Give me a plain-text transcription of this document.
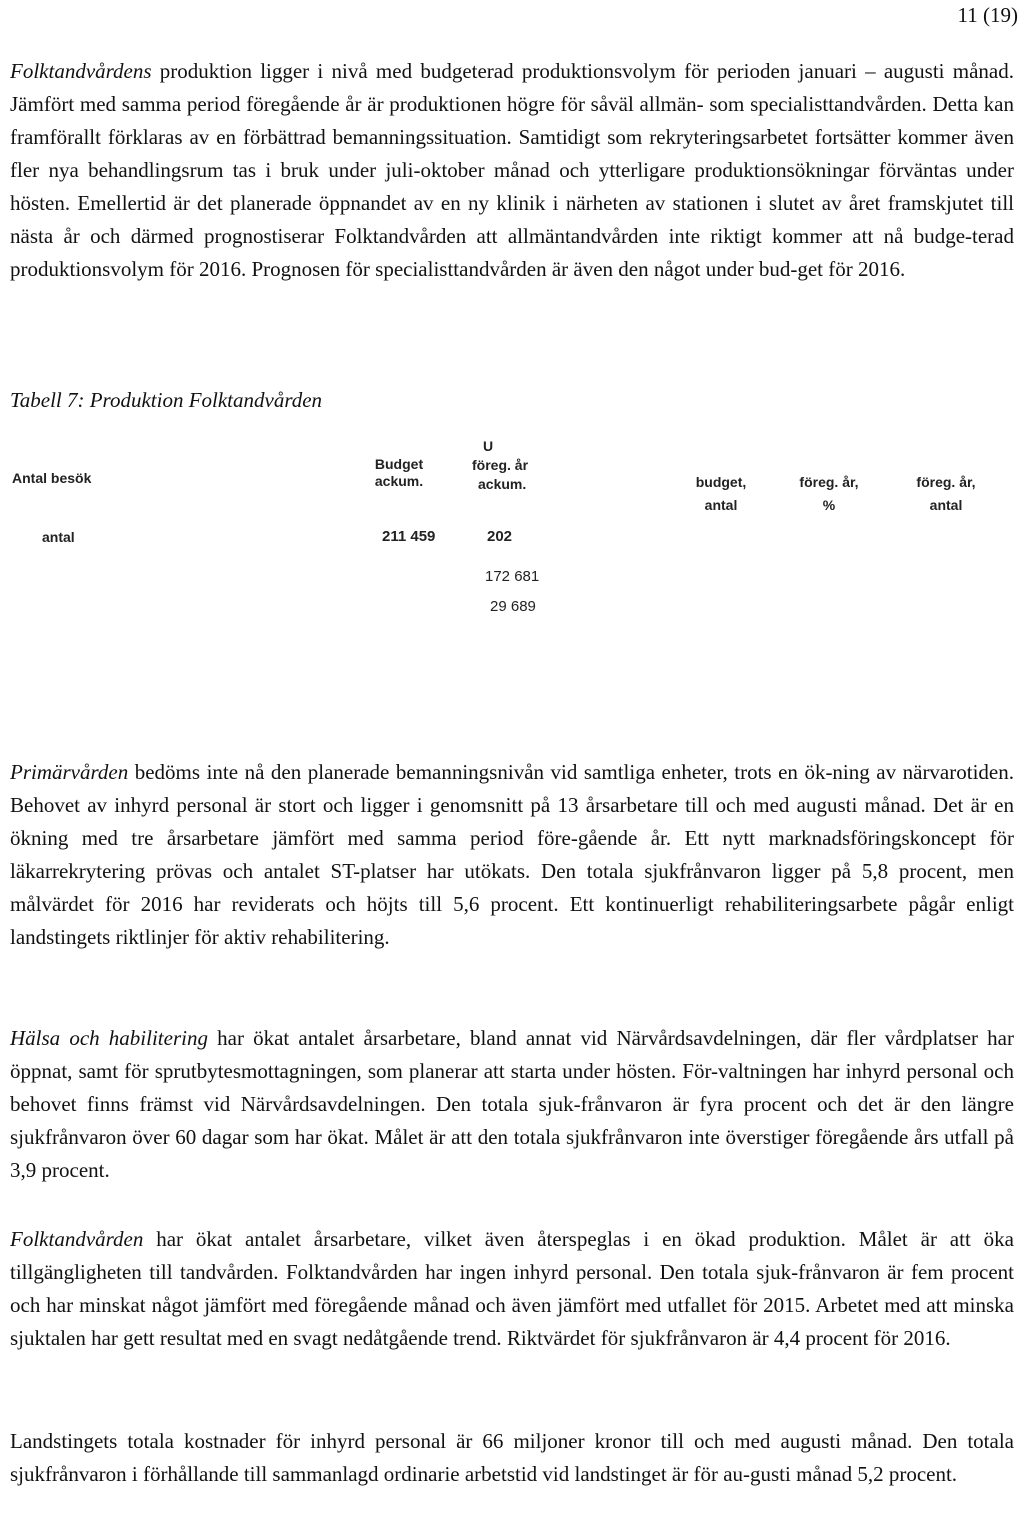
11 (19)
Folktandvårdens produktion ligger i nivå med budgeterad produktionsvolym för perioden januari – augusti månad. Jämfört med samma period föregående år är produktionen högre för såväl allmän- som specialisttandvården. Detta kan framförallt förklaras av en förbättrad bemanningssituation. Samtidigt som rekryteringsarbetet fortsätter kommer även fler nya behandlingsrum tas i bruk under juli-oktober månad och ytterligare produktionsökningar förväntas under hösten. Emellertid är det planerade öppnandet av en ny klinik i närheten av stationen i slutet av året framskjutet till nästa år och därmed prognostiserar Folktandvården att allmäntandvården inte riktigt kommer att nå budge-terad produktionsvolym för 2016. Prognosen för specialisttandvården är även den något under bud-get för 2016.
Tabell 7: Produktion Folktandvården
Antal besök
antal
Budget
ackum.
U
föreg. år
ackum.	budget,
antal
föreg. år,
%
föreg. år,
antal
211 459	202
172 681
29 689
Primärvården bedöms inte nå den planerade bemanningsnivån vid samtliga enheter, trots en ök-ning av närvarotiden. Behovet av inhyrd personal är stort och ligger i genomsnitt på 13 årsarbetare till och med augusti månad. Det är en ökning med tre årsarbetare jämfört med samma period före-gående år. Ett nytt marknadsföringskoncept för läkarrekrytering prövas och antalet ST-platser har utökats. Den totala sjukfrånvaron ligger på 5,8 procent, men målvärdet för 2016 har reviderats och höjts till 5,6 procent. Ett kontinuerligt rehabiliteringsarbete pågår enligt landstingets riktlinjer för aktiv rehabilitering.
Hälsa och habilitering har ökat antalet årsarbetare, bland annat vid Närvårdsavdelningen, där fler vårdplatser har öppnat, samt för sprutbytesmottagningen, som planerar att starta under hösten. För-valtningen har inhyrd personal och behovet finns främst vid Närvårdsavdelningen. Den totala sjuk-frånvaron är fyra procent och det är den längre sjukfrånvaron över 60 dagar som har ökat. Målet är att den totala sjukfrånvaron inte överstiger föregående års utfall på 3,9 procent.
Folktandvården har ökat antalet årsarbetare, vilket även återspeglas i en ökad produktion. Målet är att öka tillgängligheten till tandvården. Folktandvården har ingen inhyrd personal. Den totala sjuk-frånvaron är fem procent och har minskat något jämfört med föregående månad och även jämfört med utfallet för 2015. Arbetet med att minska sjuktalen har gett resultat med en svagt nedåtgående trend. Riktvärdet för sjukfrånvaron är 4,4 procent för 2016.
Landstingets totala kostnader för inhyrd personal är 66 miljoner kronor till och med augusti månad. Den totala sjukfrånvaron i förhållande till sammanlagd ordinarie arbetstid vid landstinget är för au-gusti månad 5,2 procent.
